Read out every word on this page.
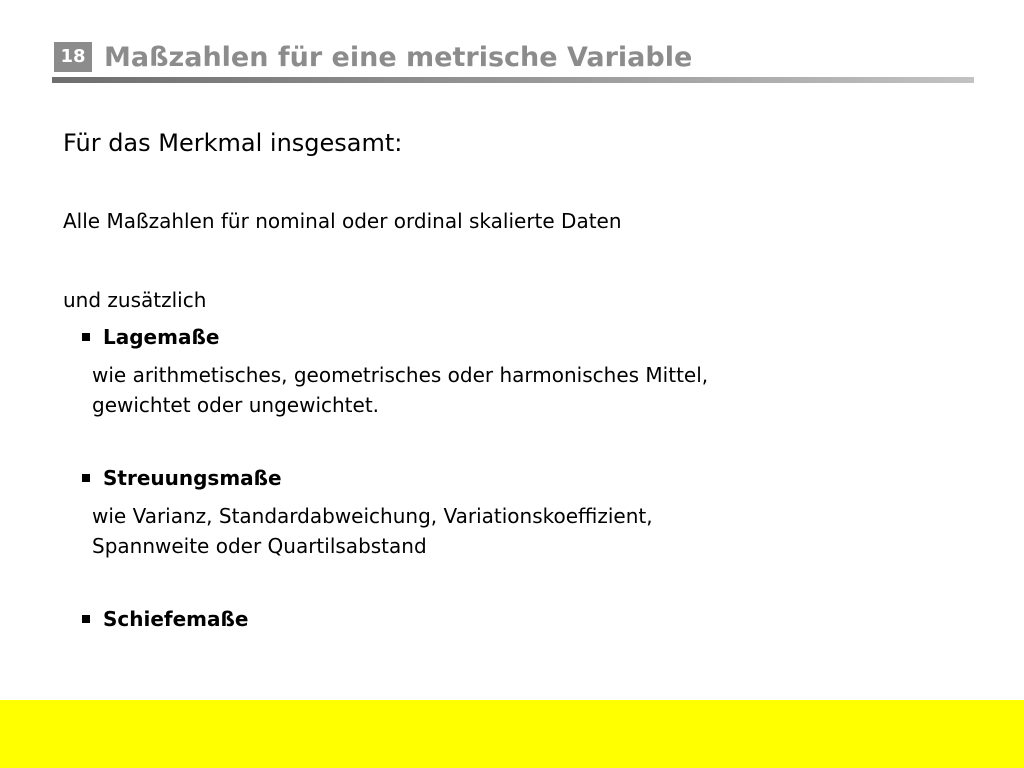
18 Maßzahlen für eine metrische Variable
Für das Merkmal insgesamt:
Alle Maßzahlen für nominal oder ordinal skalierte Daten
und zusätzlich
Lagemaße
wie arithmetisches, geometrisches oder harmonisches Mittel,
gewichtet oder ungewichtet.
Streuungsmaße
wie Varianz, Standardabweichung, Variationskoeffizient,
Spannweite oder Quartilsabstand
Schiefemaße
